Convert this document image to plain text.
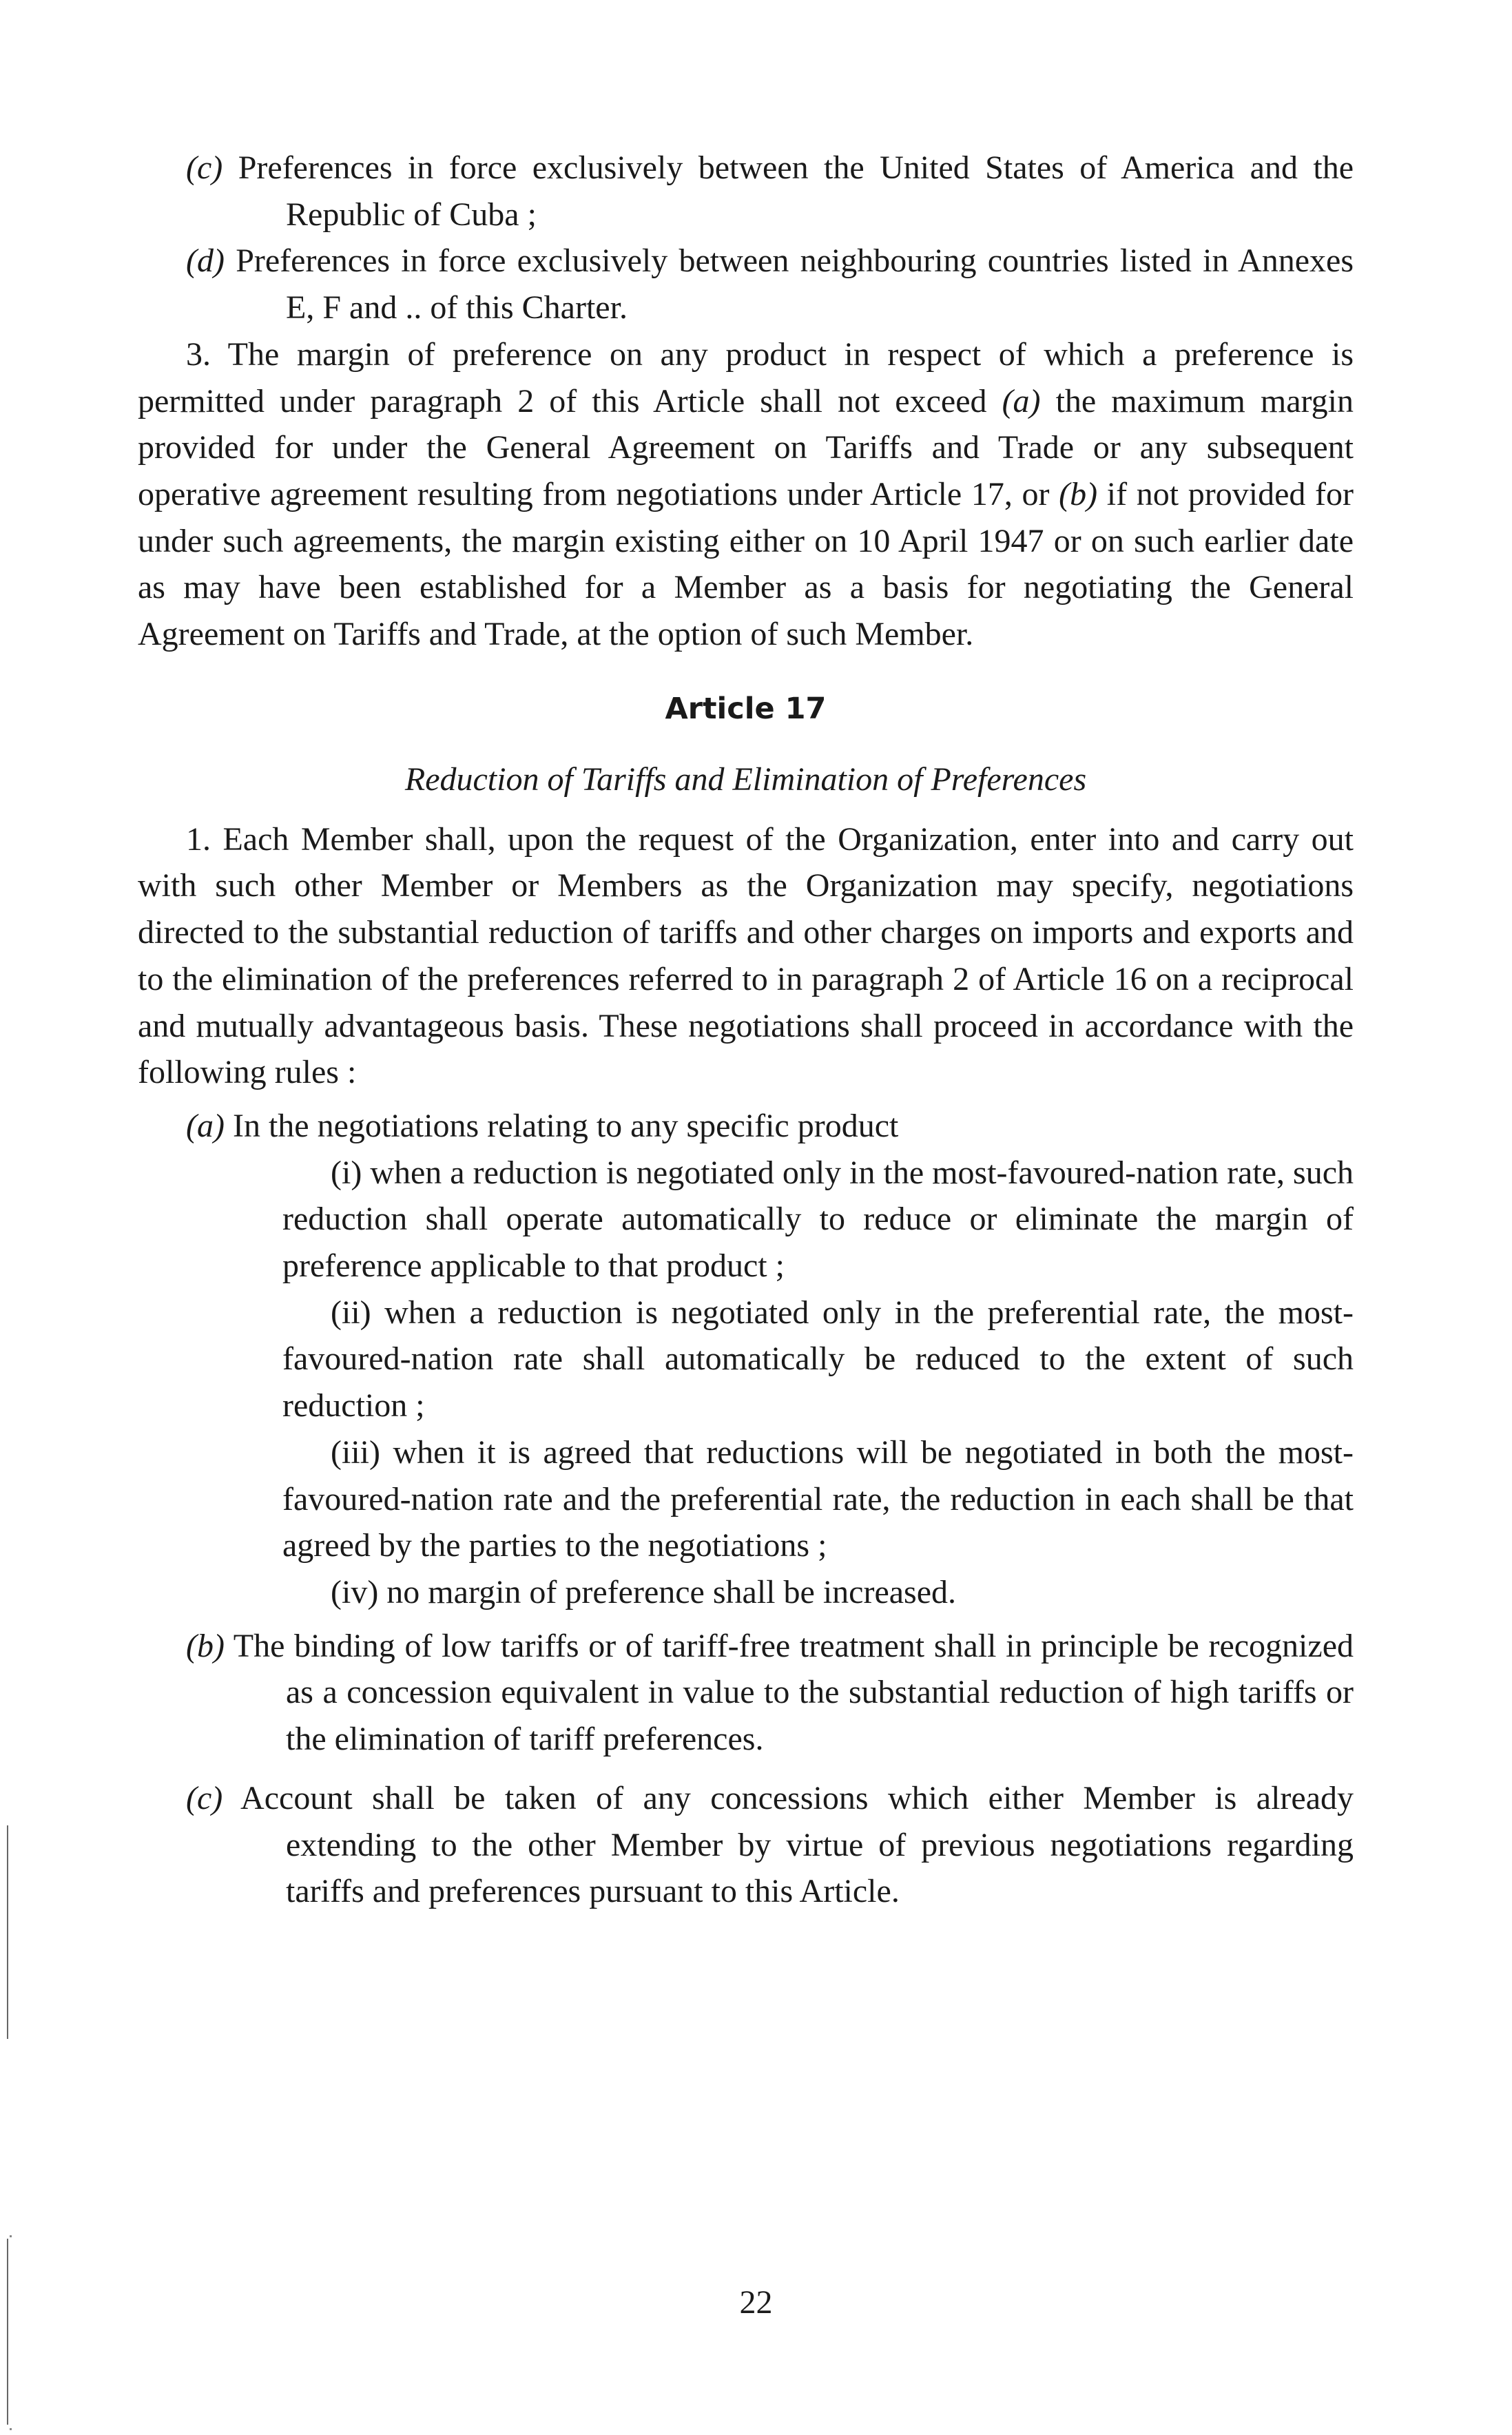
(c) Preferences in force exclusively between the United States of America and the Republic of Cuba ;

(d) Preferences in force exclusively between neighbouring countries listed in Annexes E, F and .. of this Charter.

3. The margin of preference on any product in respect of which a preference is permitted under paragraph 2 of this Article shall not exceed (a) the maximum margin provided for under the General Agreement on Tariffs and Trade or any subsequent operative agreement resulting from negotiations under Article 17, or (b) if not provided for under such agreements, the margin existing either on 10 April 1947 or on such earlier date as may have been established for a Member as a basis for negotiating the General Agreement on Tariffs and Trade, at the option of such Member.

Article 17
Reduction of Tariffs and Elimination of Preferences

1. Each Member shall, upon the request of the Organization, enter into and carry out with such other Member or Members as the Organization may specify, negotiations directed to the substantial reduction of tariffs and other charges on imports and exports and to the elimination of the preferences referred to in paragraph 2 of Article 16 on a reciprocal and mutually advantageous basis. These negotiations shall proceed in accordance with the following rules :

(a) In the negotiations relating to any specific product

(i) when a reduction is negotiated only in the most-favoured-nation rate, such reduction shall operate automatically to reduce or eliminate the margin of preference applicable to that product ;

(ii) when a reduction is negotiated only in the preferential rate, the most-favoured-nation rate shall automatically be reduced to the extent of such reduction ;

(iii) when it is agreed that reductions will be negotiated in both the most-favoured-nation rate and the preferential rate, the reduction in each shall be that agreed by the parties to the negotiations ;

(iv) no margin of preference shall be increased.

(b) The binding of low tariffs or of tariff-free treatment shall in principle be recognized as a concession equivalent in value to the substantial reduction of high tariffs or the elimination of tariff preferences.

(c) Account shall be taken of any concessions which either Member is already extending to the other Member by virtue of previous negotiations regarding tariffs and preferences pursuant to this Article.

22
